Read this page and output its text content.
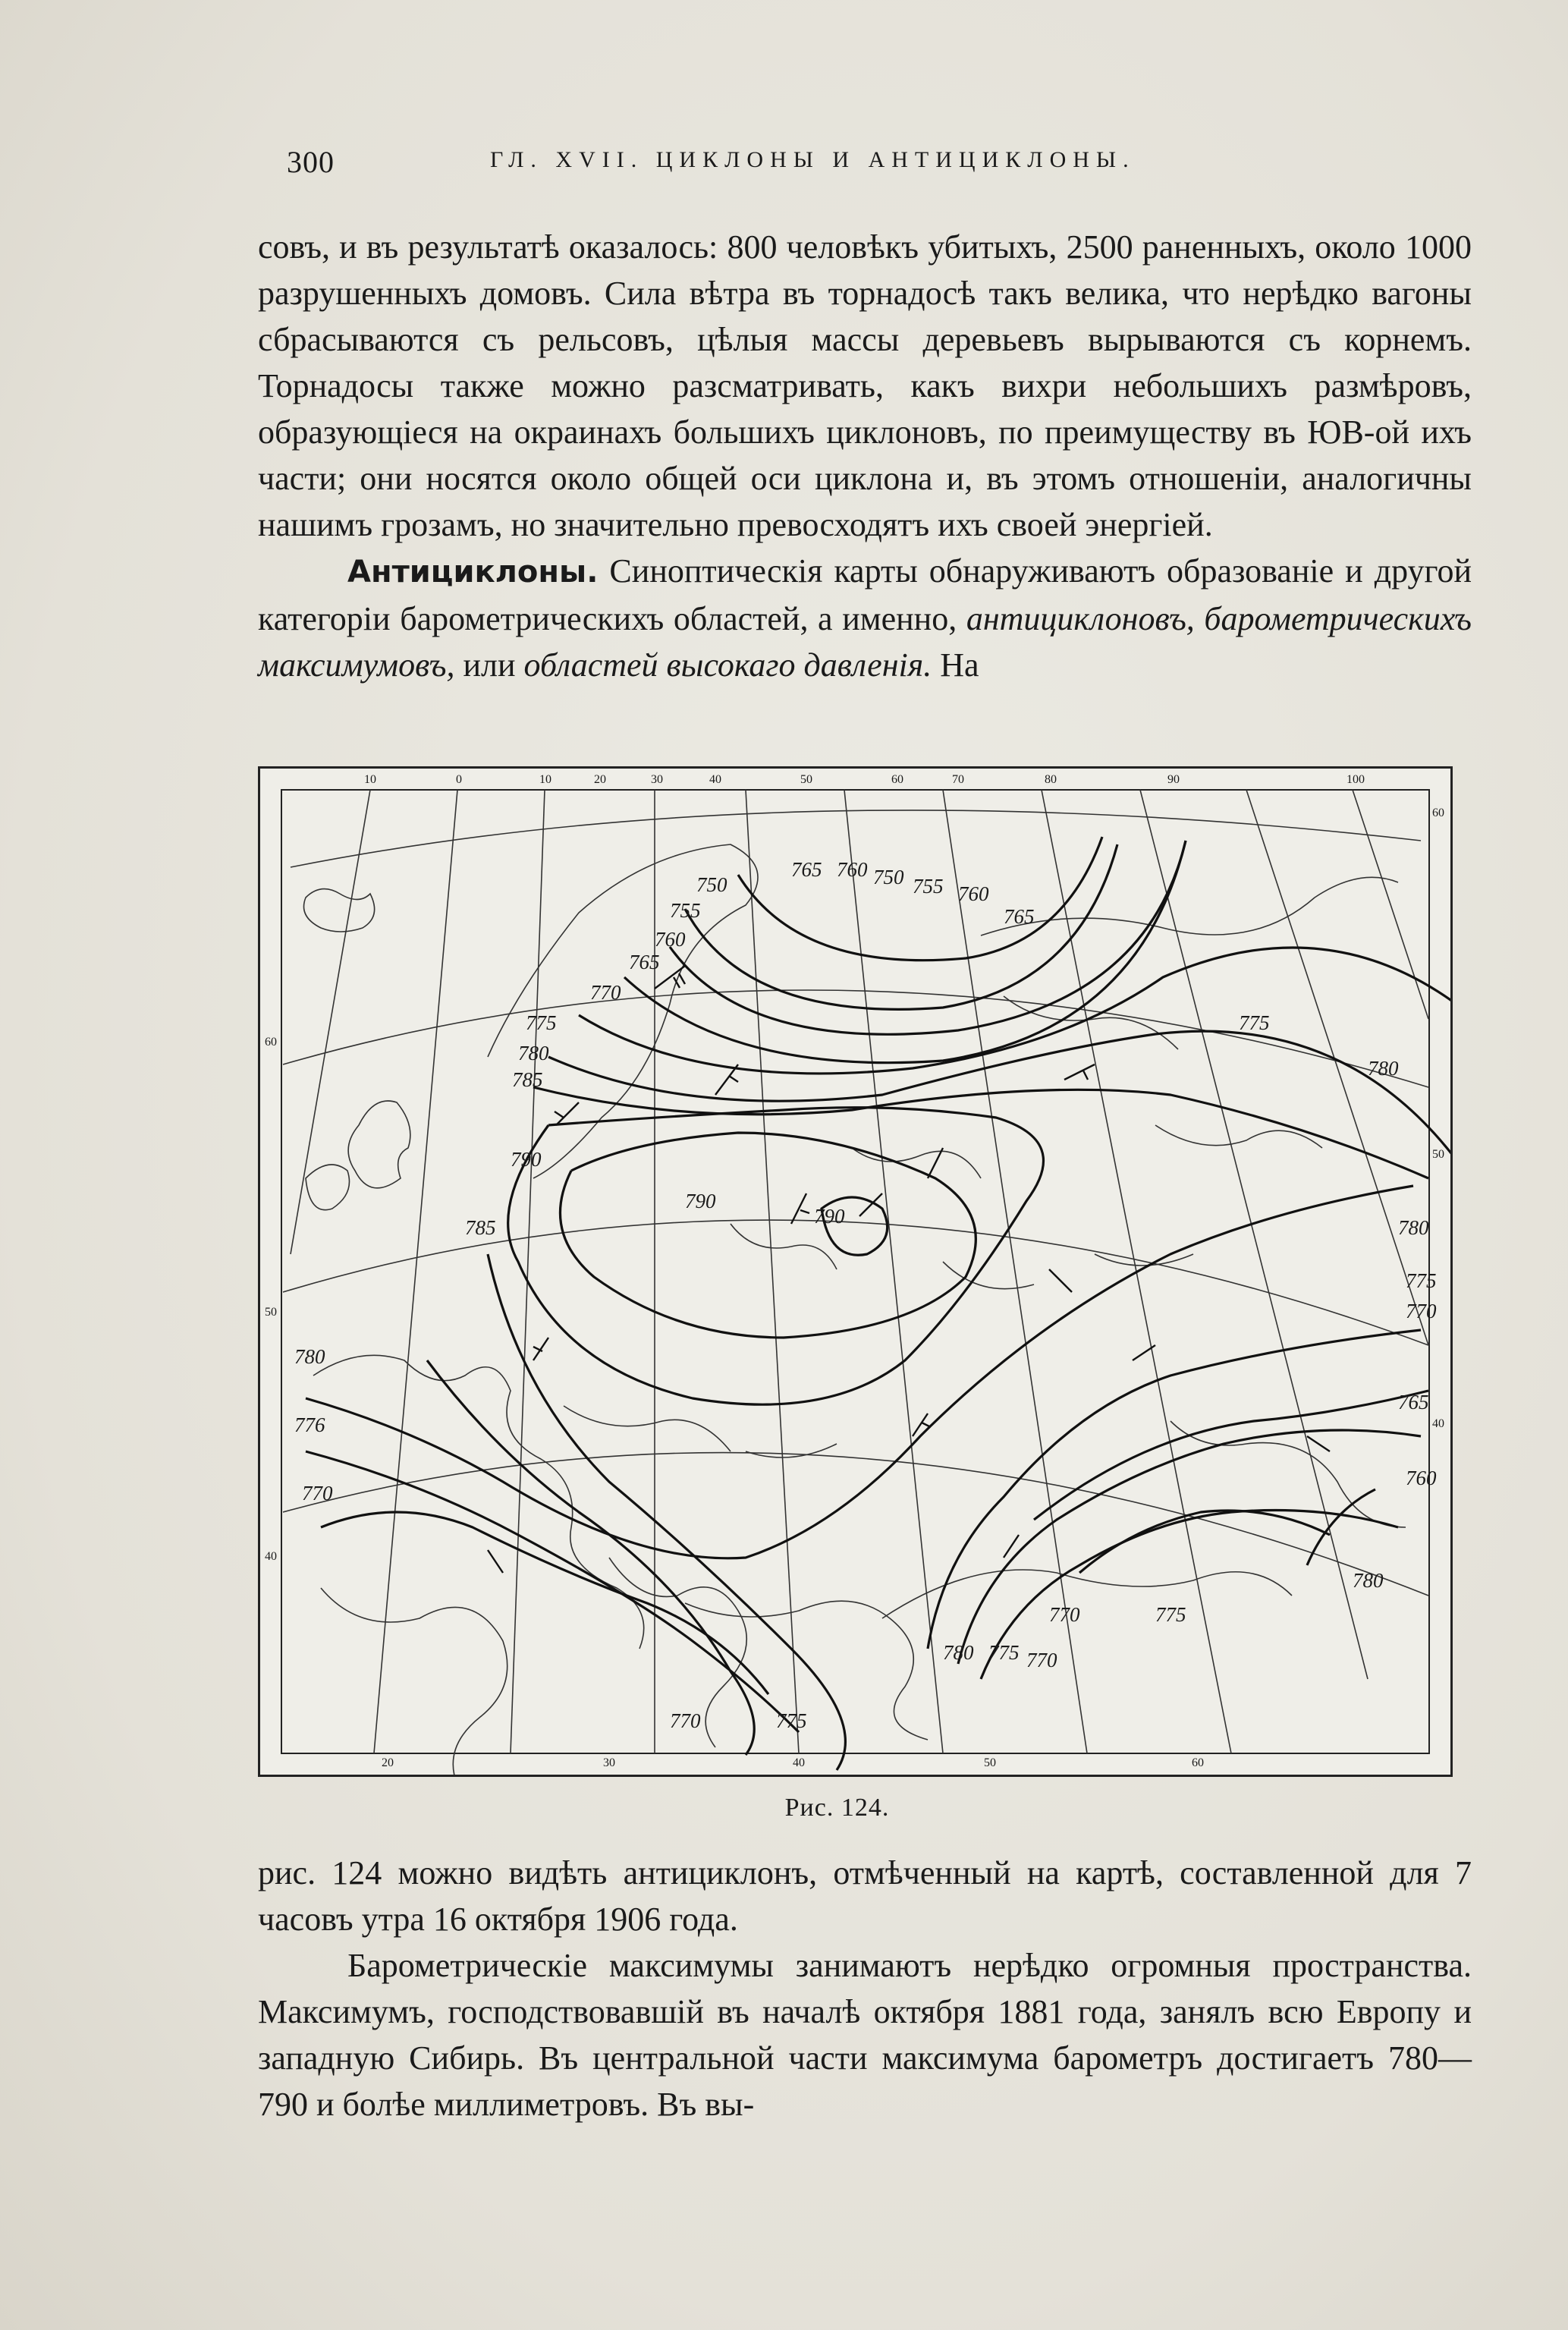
300	ГЛ. XVII. ЦИКЛОНЫ И АНТИЦИКЛОНЫ.

совъ, и въ результатѣ оказалось: 800 человѣкъ убитыхъ, 2500 раненныхъ, около 1000 разрушенныхъ домовъ. Сила вѣтра въ торнадосѣ такъ велика, что нерѣдко вагоны сбрасываются съ рельсовъ, цѣлыя массы деревьевъ вырываются съ корнемъ. Торнадосы также можно разсматривать, какъ вихри небольшихъ размѣровъ, образующіеся на окраинахъ большихъ циклоновъ, по преимуществу въ ЮВ-ой ихъ части; они носятся около общей оси циклона и, въ этомъ отношеніи, аналогичны нашимъ грозамъ, но значительно превосходятъ ихъ своей энергіей.

Антициклоны. Синоптическія карты обнаруживаютъ образованіе и другой категоріи барометрическихъ областей, а именно, антициклоновъ, барометрическихъ максимумовъ, или областей высокаго давленія. На

10	0	10	20	30	40	50	60	70	80	90	100
20	30	40	50	60
60
50
40
60
50
40
750
755
760
765
770
775
780
785
790
790	780
775
770
765
760
780
775
770
785
790
780
776
770
770	775
780 775
770
765
760
755
750
760
765
775
780
Рис. 124.

рис. 124 можно видѣть антициклонъ, отмѣченный на картѣ, составленной для 7 часовъ утра 16 октября 1906 года.

Барометрическіе максимумы занимаютъ нерѣдко огромныя пространства. Максимумъ, господствовавшій въ началѣ октября 1881 года, занялъ всю Европу и западную Сибирь. Въ центральной части максимума барометръ достигаетъ 780—790 и болѣе миллиметровъ. Въ вы-
